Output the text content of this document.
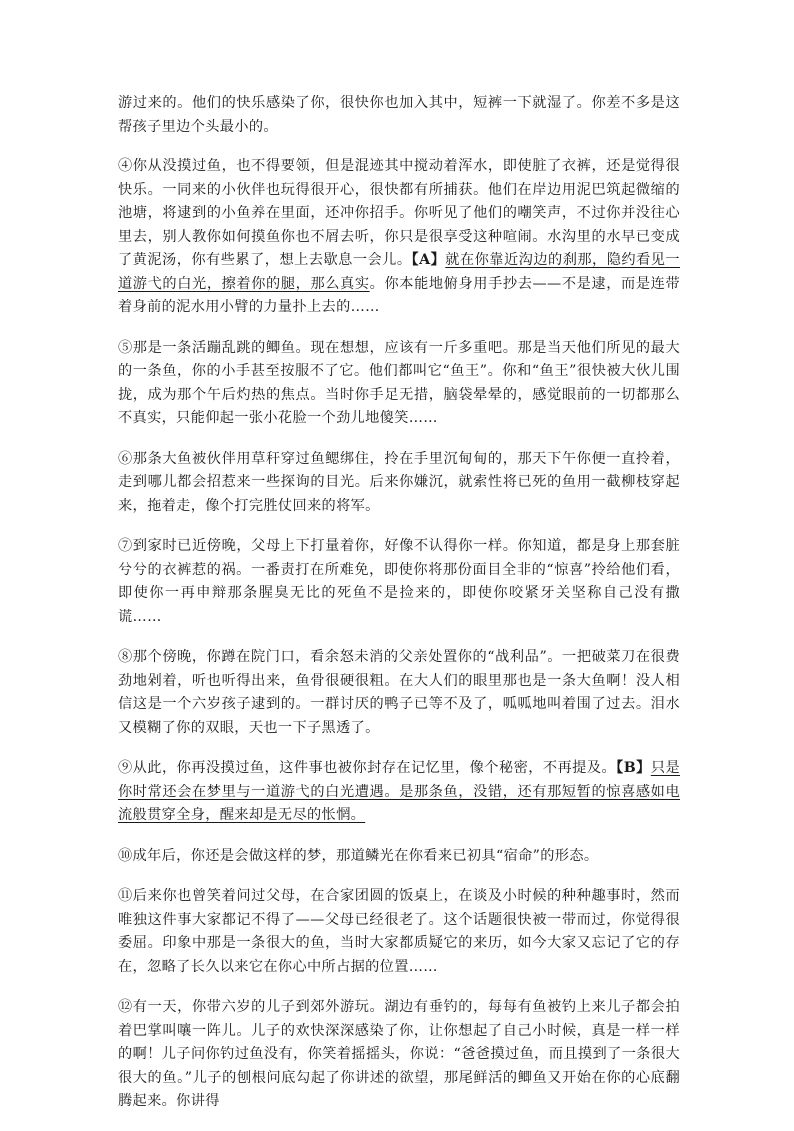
游过来的。他们的快乐感染了你，很快你也加入其中，短裤一下就湿了。你差不多是这帮孩子里边个头最小的。

④你从没摸过鱼，也不得要领，但是混迹其中搅动着浑水，即使脏了衣裤，还是觉得很快乐。一同来的小伙伴也玩得很开心，很快都有所捕获。他们在岸边用泥巴筑起微缩的池塘，将逮到的小鱼养在里面，还冲你招手。你听见了他们的嘲笑声，不过你并没往心里去，别人教你如何摸鱼你也不屑去听，你只是很享受这种喧闹。水沟里的水早已变成了黄泥汤，你有些累了，想上去歇息一会儿。【A】就在你靠近沟边的刹那，隐约看见一道游弋的白光，擦着你的腿，那么真实。你本能地俯身用手抄去——不是逮，而是连带着身前的泥水用小臂的力量扑上去的……

⑤那是一条活蹦乱跳的鲫鱼。现在想想，应该有一斤多重吧。那是当天他们所见的最大的一条鱼，你的小手甚至按服不了它。他们都叫它“鱼王”。你和“鱼王”很快被大伙儿围拢，成为那个午后灼热的焦点。当时你手足无措，脑袋晕晕的，感觉眼前的一切都那么不真实，只能仰起一张小花脸一个劲儿地傻笑……

⑥那条大鱼被伙伴用草秆穿过鱼鳃绑住，拎在手里沉甸甸的，那天下午你便一直拎着，走到哪儿都会招惹来一些探询的目光。后来你嫌沉，就索性将已死的鱼用一截柳枝穿起来，拖着走，像个打完胜仗回来的将军。

⑦到家时已近傍晚，父母上下打量着你，好像不认得你一样。你知道，都是身上那套脏兮兮的衣裤惹的祸。一番责打在所难免，即使你将那份面目全非的“惊喜”拎给他们看，即使你一再申辩那条腥臭无比的死鱼不是捡来的，即使你咬紧牙关坚称自己没有撒谎……

⑧那个傍晚，你蹲在院门口，看余怒未消的父亲处置你的“战利品”。一把破菜刀在很费劲地剁着，听也听得出来，鱼骨很硬很粗。在大人们的眼里那也是一条大鱼啊！没人相信这是一个六岁孩子逮到的。一群讨厌的鸭子已等不及了，呱呱地叫着围了过去。泪水又模糊了你的双眼，天也一下子黑透了。

⑨从此，你再没摸过鱼，这件事也被你封存在记忆里，像个秘密，不再提及。【B】只是你时常还会在梦里与一道游弋的白光遭遇。是那条鱼，没错，还有那短暂的惊喜感如电流般贯穿全身，醒来却是无尽的怅惘。

⑩成年后，你还是会做这样的梦，那道鳞光在你看来已初具“宿命”的形态。

⑪后来你也曾笑着问过父母，在合家团圆的饭桌上，在谈及小时候的种种趣事时，然而唯独这件事大家都记不得了——父母已经很老了。这个话题很快被一带而过，你觉得很委屈。印象中那是一条很大的鱼，当时大家都质疑它的来历，如今大家又忘记了它的存在，忽略了长久以来它在你心中所占据的位置……

⑫有一天，你带六岁的儿子到郊外游玩。湖边有垂钓的，每每有鱼被钓上来儿子都会拍着巴掌叫嚷一阵儿。儿子的欢快深深感染了你，让你想起了自己小时候，真是一样一样的啊！儿子问你钓过鱼没有，你笑着摇摇头，你说：“爸爸摸过鱼，而且摸到了一条很大很大的鱼。”儿子的刨根问底勾起了你讲述的欲望，那尾鲜活的鲫鱼又开始在你的心底翻腾起来。你讲得
